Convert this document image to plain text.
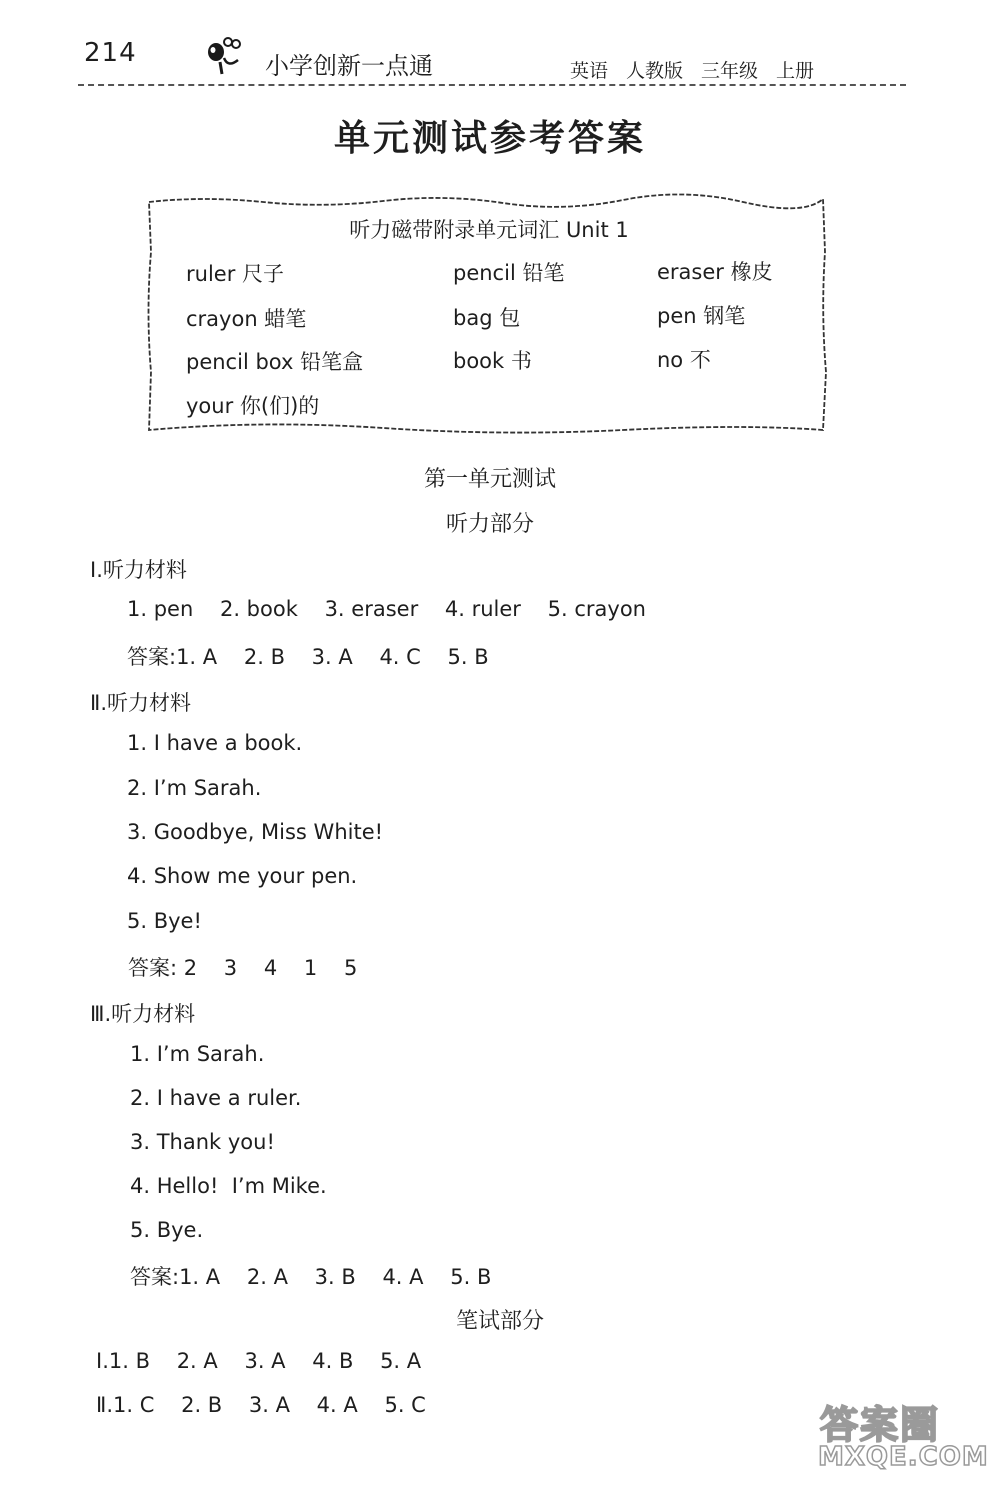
214	小学创新一点通	英语 人教版 三年级 上册
单元测试参考答案
听力磁带附录单元词汇 Unit 1
ruler 尺子	pencil 铅笔	eraser 橡皮
crayon 蜡笔	bag 包	pen 钢笔
pencil box 铅笔盒	book 书	no 不
your 你(们)的
第一单元测试
听力部分
Ⅰ.听力材料
1. pen    2. book    3. eraser    4. ruler    5. crayon
答案:1. A    2. B    3. A    4. C    5. B
Ⅱ.听力材料
1. I have a book.
2. I’m Sarah.
3. Goodbye, Miss White!
4. Show me your pen.
5. Bye!
答案: 2    3    4    1    5
Ⅲ.听力材料
1. I’m Sarah.
2. I have a ruler.
3. Thank you!
4. Hello!  I’m Mike.
5. Bye.
答案:1. A    2. A    3. B    4. A    5. B
笔试部分
Ⅰ.1. B    2. A    3. A    4. B    5. A
Ⅱ.1. C    2. B    3. A    4. A    5. C	答案圈
MXQE.COM
